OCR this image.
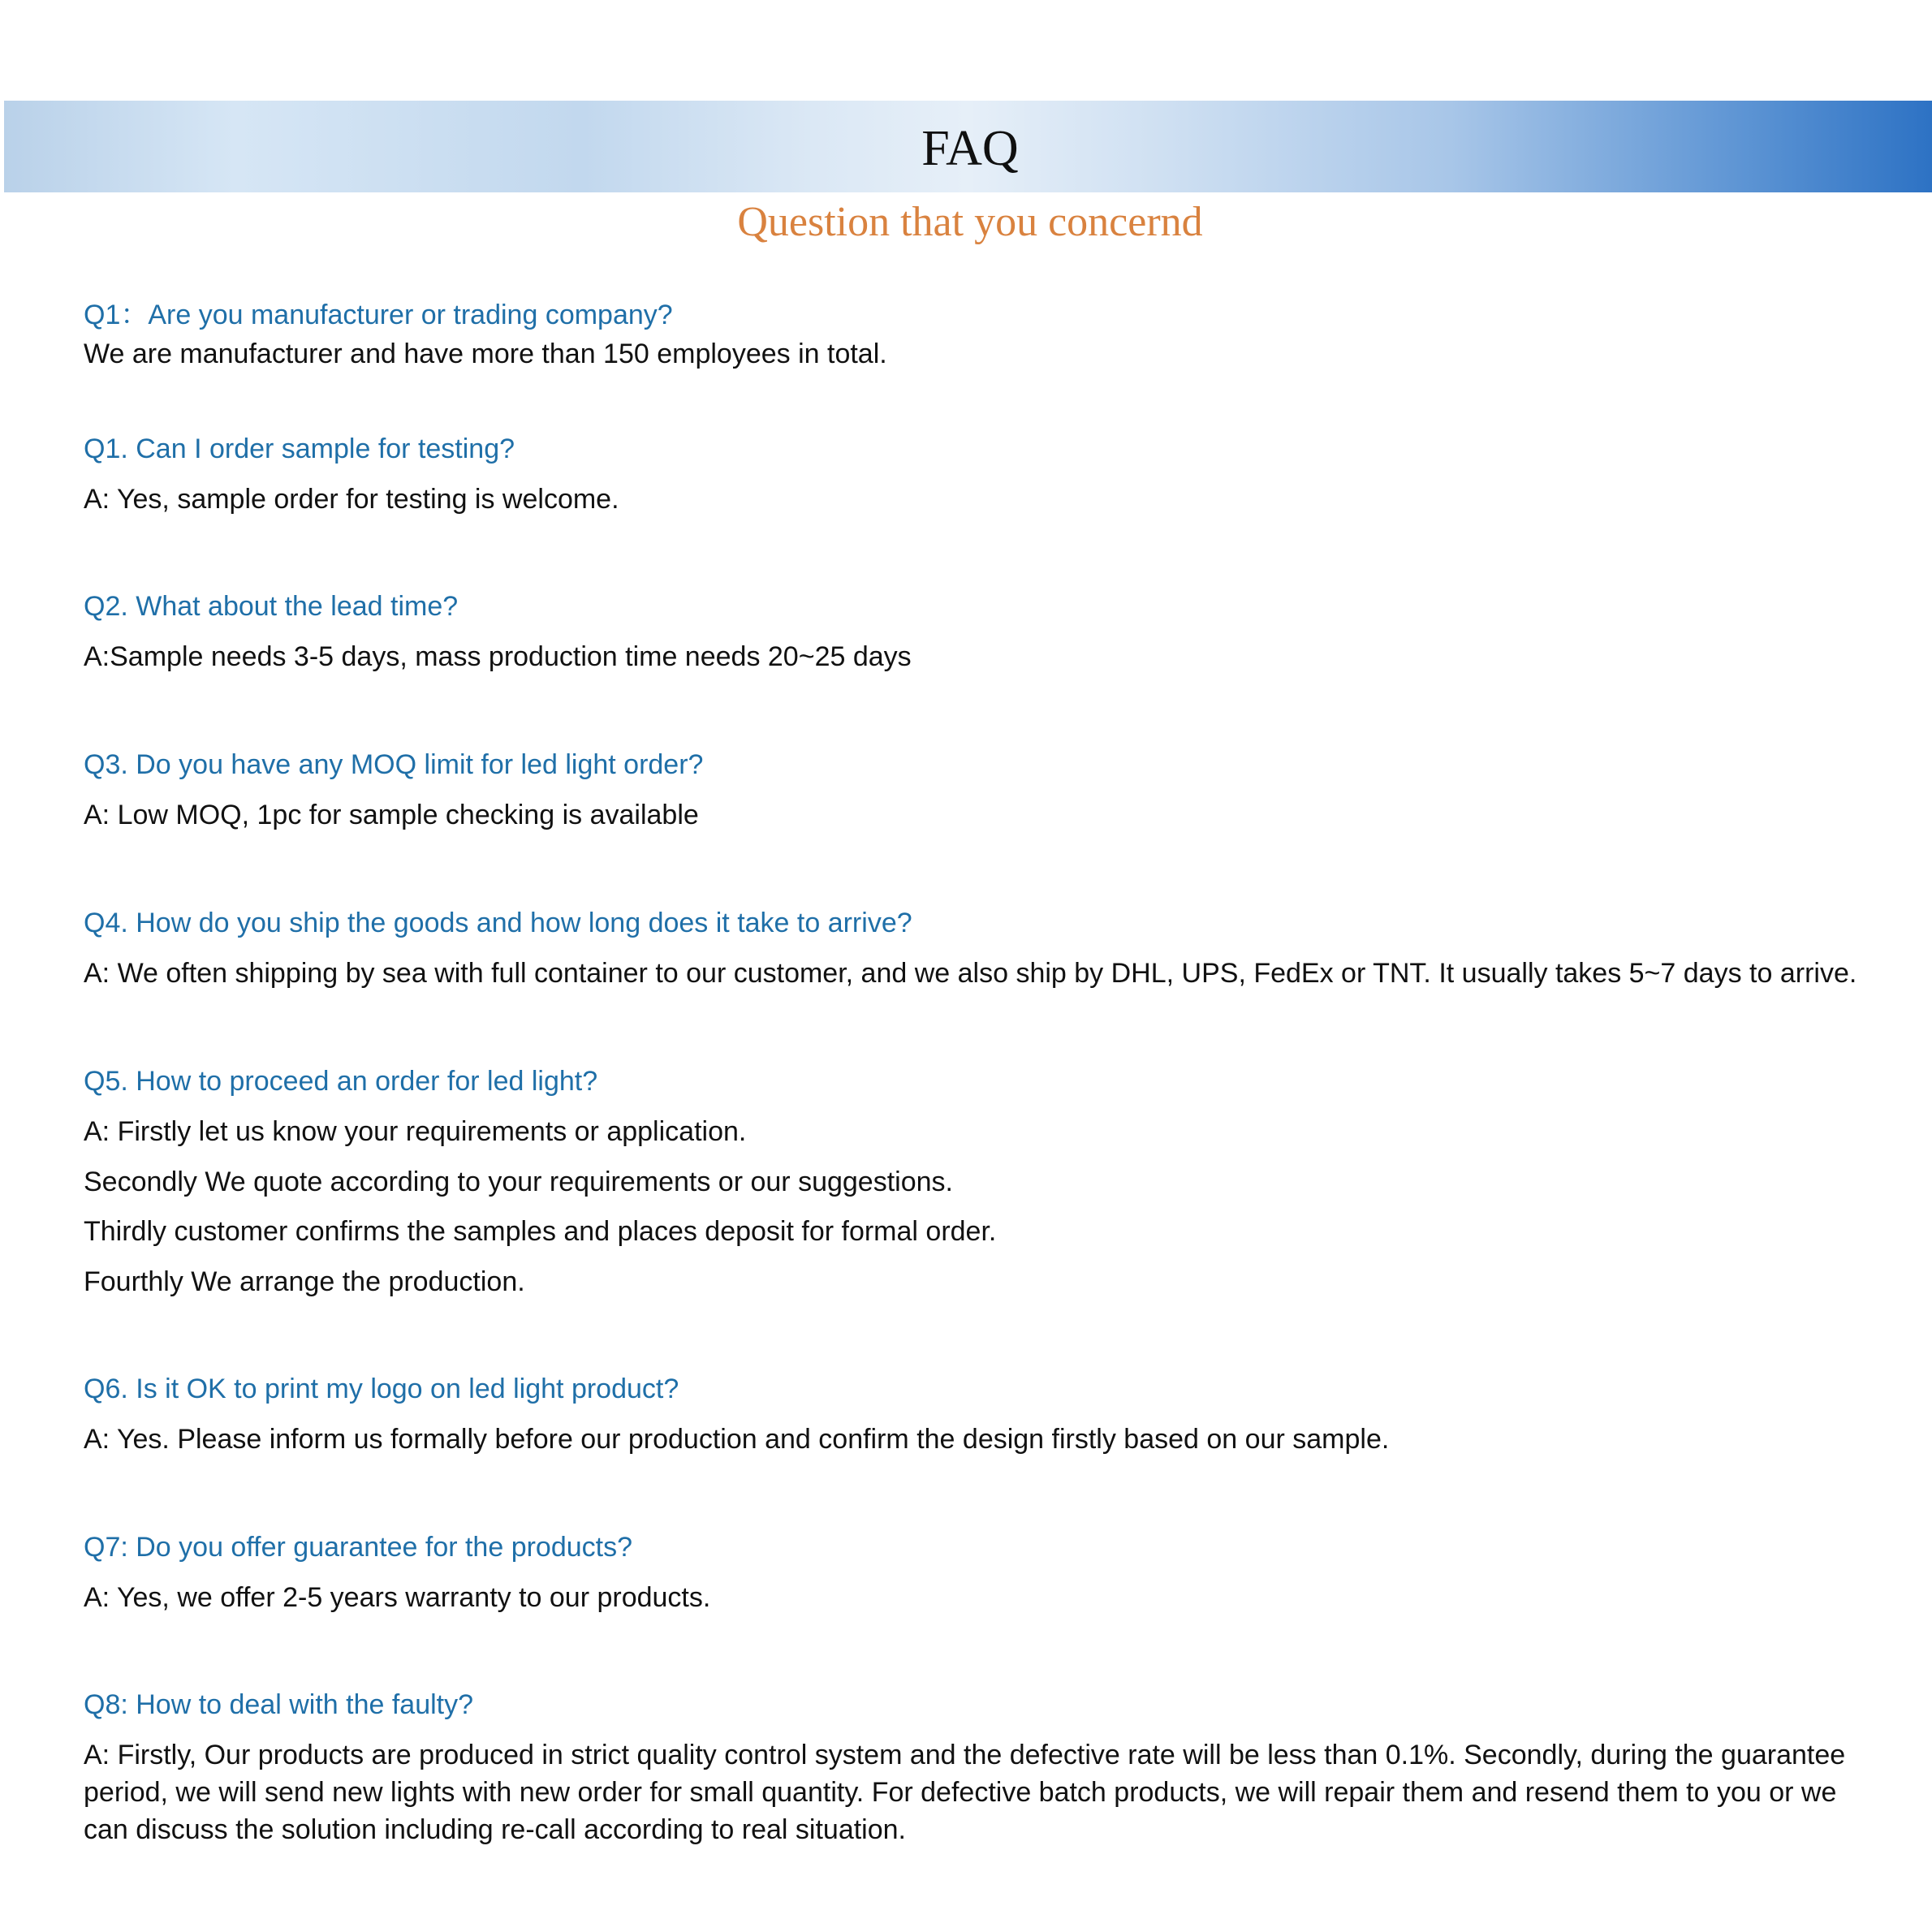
FAQ
Question that you concernd
Q1：Are you manufacturer or trading company?
We are manufacturer and have more than 150 employees in total.
Q1. Can I order sample for testing?
A: Yes, sample order for testing is welcome.
Q2. What about the lead time?
A:Sample needs 3-5 days, mass production time needs 20~25 days
Q3. Do you have any MOQ limit for led light order?
A: Low MOQ, 1pc for sample checking is available
Q4. How do you ship the goods and how long does it take to arrive?
A: We often shipping by sea with full container to our customer, and we also ship by DHL, UPS, FedEx or TNT. It usually takes 5~7 days to arrive.
Q5. How to proceed an order for led light?
A: Firstly let us know your requirements or application.
Secondly We quote according to your requirements or our suggestions.
Thirdly customer confirms the samples and places deposit for formal order.
Fourthly We arrange the production.
Q6. Is it OK to print my logo on led light product?
A: Yes. Please inform us formally before our production and confirm the design firstly based on our sample.
Q7: Do you offer guarantee for the products?
A: Yes, we offer 2-5 years warranty to our products.
Q8: How to deal with the faulty?
A: Firstly, Our products are produced in strict quality control system and the defective rate will be less than 0.1%. Secondly, during the guarantee period, we will send new lights with new order for small quantity. For defective batch products, we will repair them and resend them to you or we can discuss the solution including re-call according to real situation.
